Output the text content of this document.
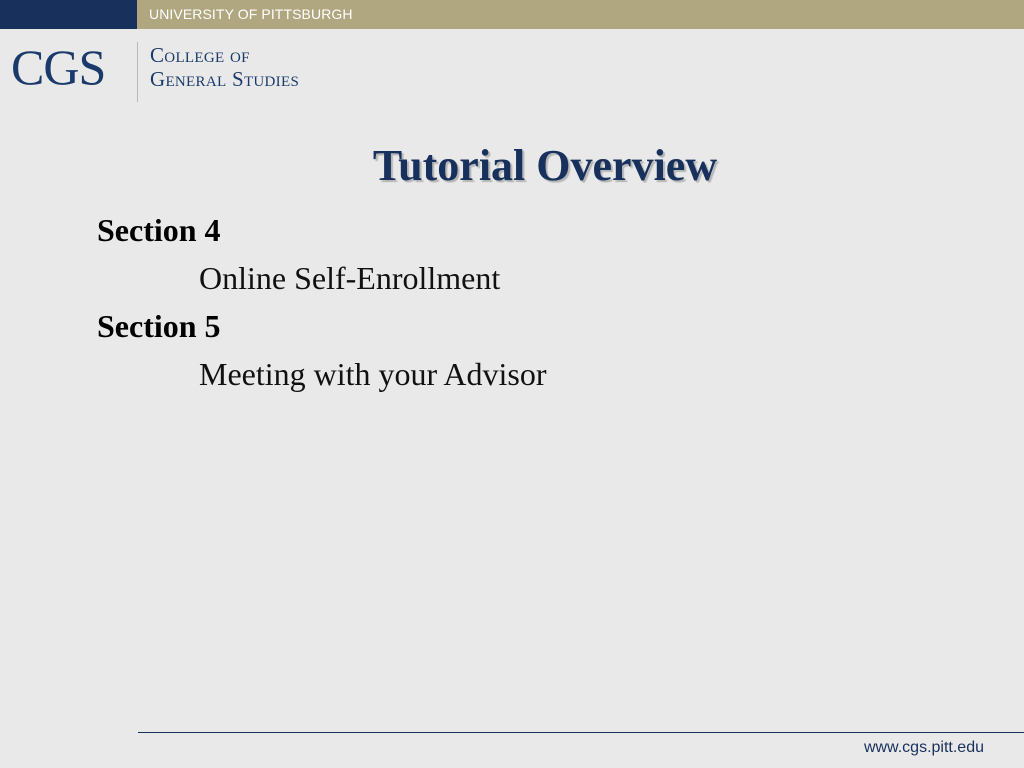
UNIVERSITY OF PITTSBURGH
CGS College of
General Studies
Tutorial Overview
Section 4
Online Self-Enrollment
Section 5
Meeting with your Advisor
www.cgs.pitt.edu
